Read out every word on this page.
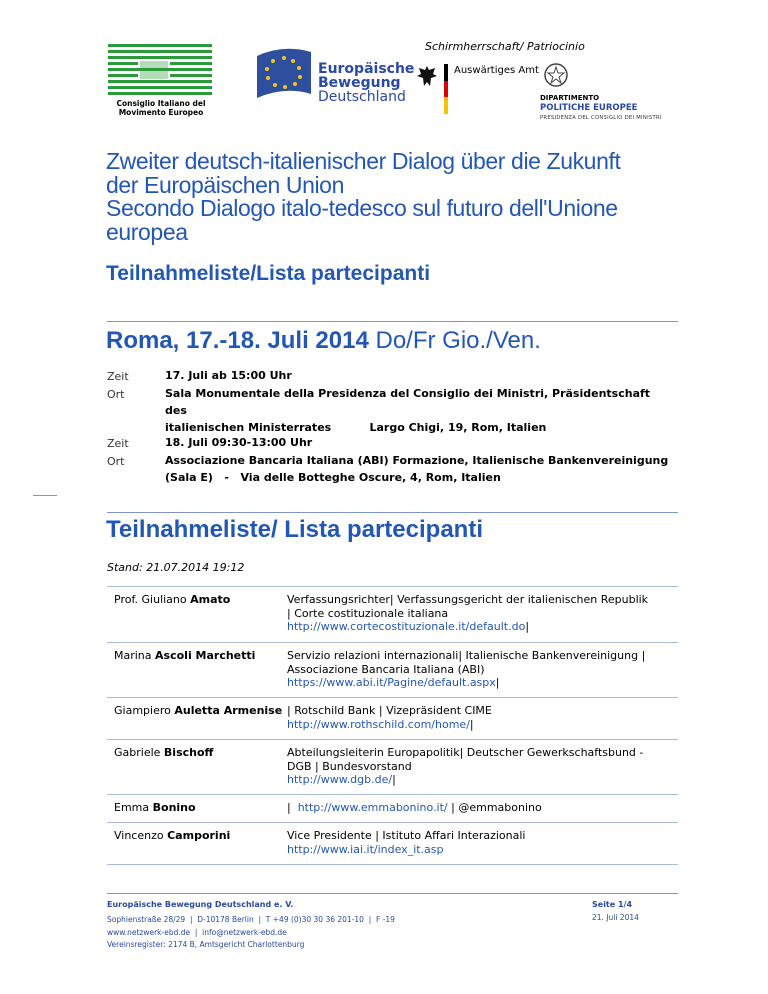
Consiglio Italiano del
Movimento Europeo
Europäische
Bewegung
Deutschland
Schirmherrschaft/ Patriocinio
Auswärtiges Amt
DIPARTIMENTO
POLITICHE EUROPEE
PRESIDENZA DEL CONSIGLIO DEI MINISTRI
Zweiter deutsch-italienischer Dialog über die Zukunft
der Europäischen Union
Secondo Dialogo italo-tedesco sul futuro dell'Unione
europea
Teilnahmeliste/Lista partecipanti
Roma, 17.-18. Juli 2014 Do/Fr Gio./Ven.
Zeit	17. Juli ab 15:00 Uhr
Ort	Sala Monumentale della Presidenza del Consiglio dei Ministri, Präsidentschaft des
italienischen Ministerrates          Largo Chigi, 19, Rom, Italien
Zeit	18. Juli 09:30-13:00 Uhr
Ort	Associazione Bancaria Italiana (ABI) Formazione, Italienische Bankenvereinigung
(Sala E)   -   Via delle Botteghe Oscure, 4, Rom, Italien
Teilnahmeliste/ Lista partecipanti
Stand: 21.07.2014 19:12
Prof. Giuliano Amato	Verfassungsrichter| Verfassungsgericht der italienischen Republik
| Corte costituzionale italiana
http://www.cortecostituzionale.it/default.do|
Marina Ascoli Marchetti	Servizio relazioni internazionali| Italienische Bankenvereinigung |
Associazione Bancaria Italiana (ABI)
https://www.abi.it/Pagine/default.aspx|
Giampiero Auletta Armenise | Rotschild Bank | Vizepräsident CIME
http://www.rothschild.com/home/|
Gabriele Bischoff	Abteilungsleiterin Europapolitik| Deutscher Gewerkschaftsbund -
DGB | Bundesvorstand
http://www.dgb.de/|
Emma Bonino	|  http://www.emmabonino.it/ | @emmabonino
Vincenzo Camporini	Vice Presidente | Istituto Affari Interazionali
http://www.iai.it/index_it.asp
Europäische Bewegung Deutschland e. V.
Sophienstraße 28/29  |  D-10178 Berlin  |  T +49 (0)30 30 36 201-10  |  F -19
www.netzwerk-ebd.de  |  info@netzwerk-ebd.de
Vereinsregister: 2174 B, Amtsgericht Charlottenburg
Seite 1/4
21. Juli 2014
